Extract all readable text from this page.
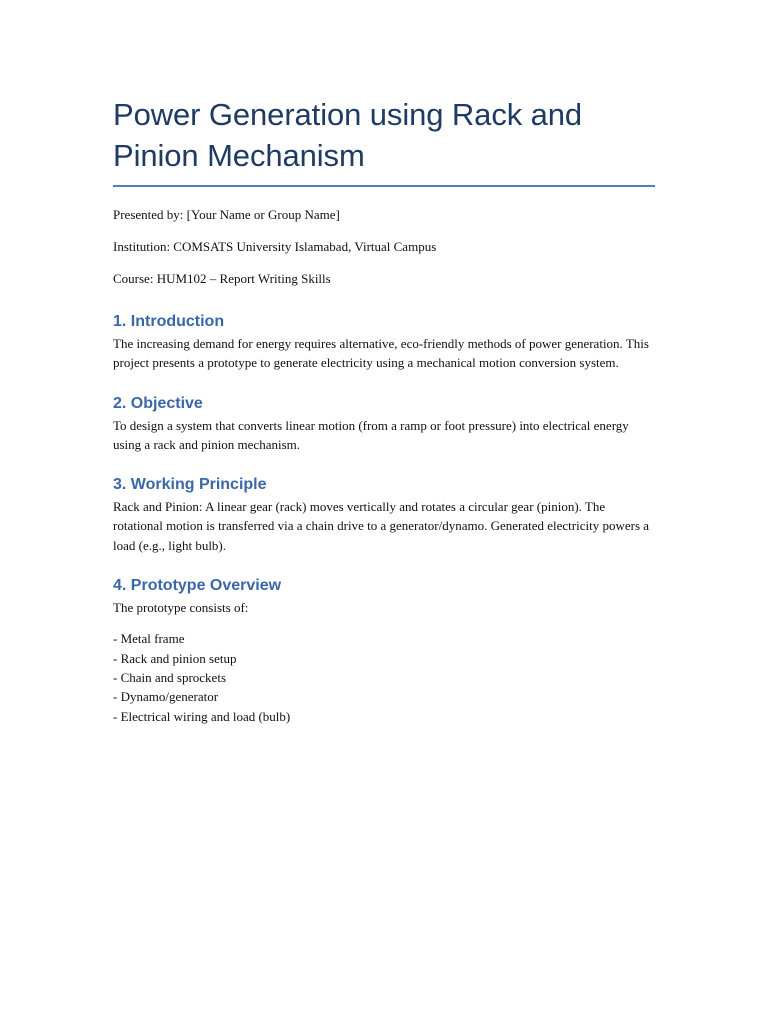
Power Generation using Rack and Pinion Mechanism

Presented by: [Your Name or Group Name]

Institution: COMSATS University Islamabad, Virtual Campus

Course: HUM102 – Report Writing Skills

1. Introduction

The increasing demand for energy requires alternative, eco-friendly methods of power generation. This project presents a prototype to generate electricity using a mechanical motion conversion system.

2. Objective

To design a system that converts linear motion (from a ramp or foot pressure) into electrical energy using a rack and pinion mechanism.

3. Working Principle

Rack and Pinion: A linear gear (rack) moves vertically and rotates a circular gear (pinion). The rotational motion is transferred via a chain drive to a generator/dynamo. Generated electricity powers a load (e.g., light bulb).

4. Prototype Overview

The prototype consists of:

- Metal frame
- Rack and pinion setup
- Chain and sprockets
- Dynamo/generator
- Electrical wiring and load (bulb)
